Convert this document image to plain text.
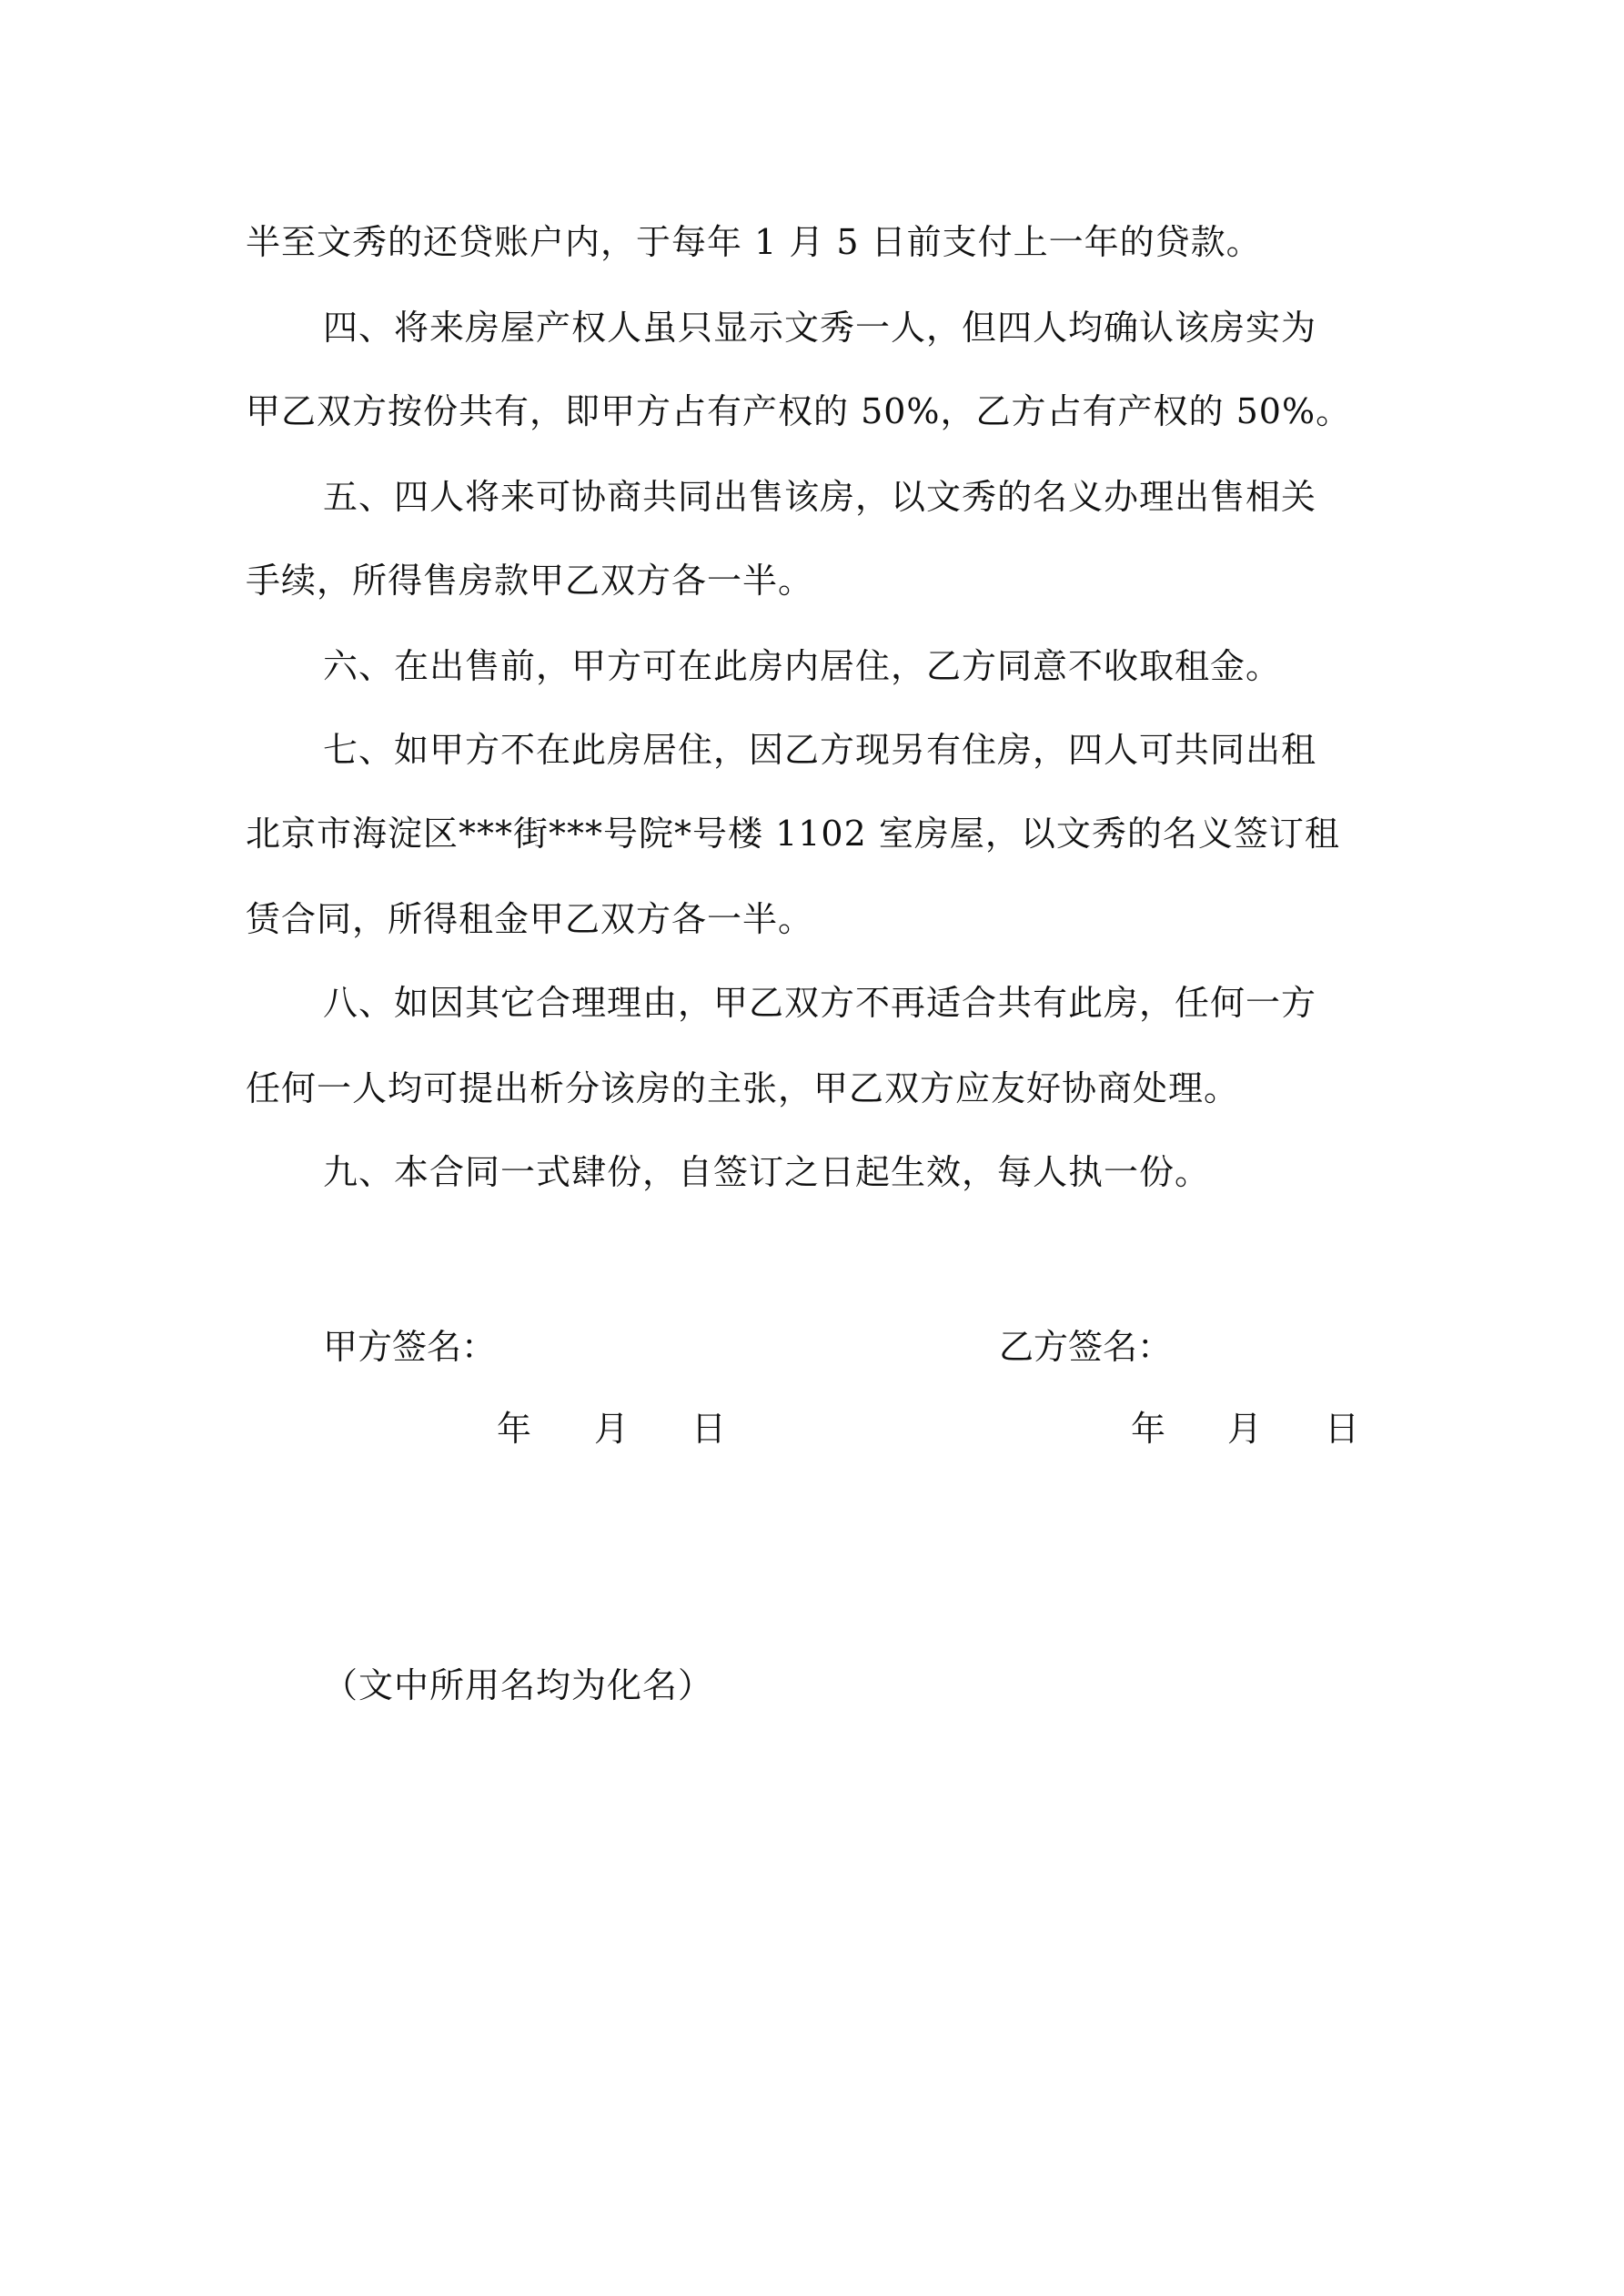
半至文秀的还贷账户内，于每年 1 月 5 日前支付上一年的贷款。
四、将来房屋产权人虽只显示文秀一人，但四人均确认该房实为
甲乙双方按份共有，即甲方占有产权的 50%，乙方占有产权的 50%。
五、四人将来可协商共同出售该房，以文秀的名义办理出售相关
手续，所得售房款甲乙双方各一半。
六、在出售前，甲方可在此房内居住，乙方同意不收取租金。
七、如甲方不在此房居住，因乙方现另有住房，四人可共同出租
北京市海淀区***街***号院*号楼 1102 室房屋，以文秀的名义签订租
赁合同，所得租金甲乙双方各一半。
八、如因其它合理理由，甲乙双方不再适合共有此房，任何一方
任何一人均可提出析分该房的主张，甲乙双方应友好协商处理。
九、本合同一式肆份，自签订之日起生效，每人执一份。
甲方签名：	乙方签名：
年 月 日	年 月 日
（文中所用名均为化名）
